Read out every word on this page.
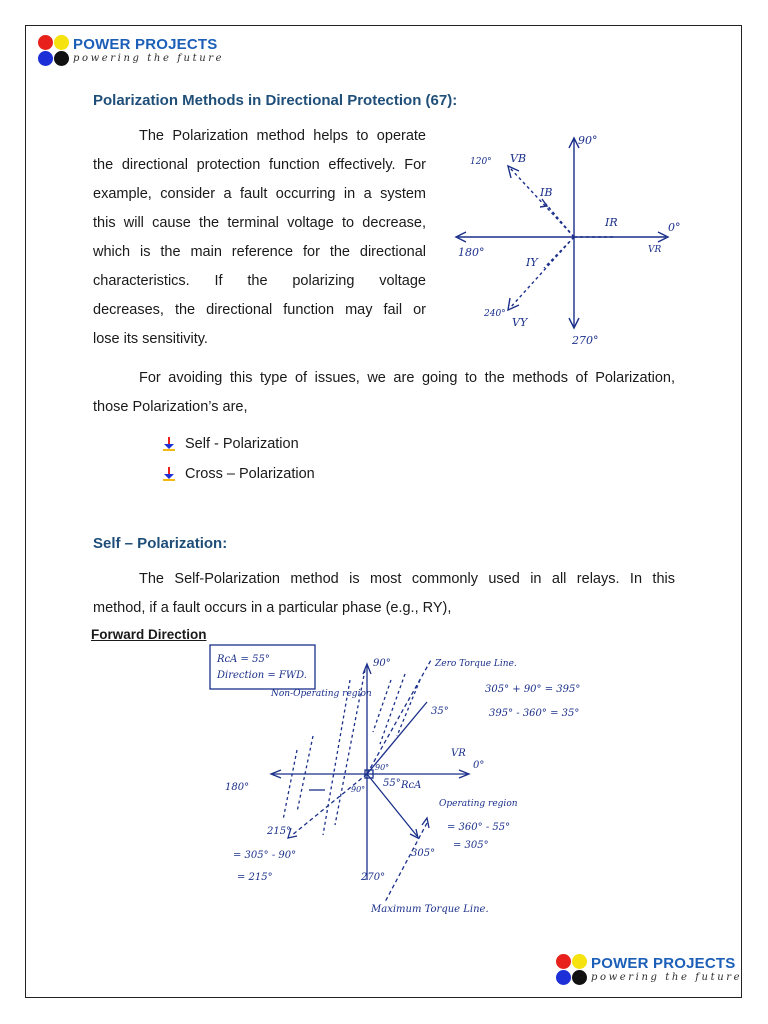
POWER PROJECTS
powering the future
Polarization Methods in Directional Protection (67):
The Polarization method helps to operate
the directional protection function effectively. For
example, consider a fault occurring in a system
this will cause the terminal voltage to decrease,
which is the main reference for the directional
characteristics. If the polarizing voltage
decreases, the directional function may fail or
lose its sensitivity.
90°
0°
180°
270°
120°
240°
VB
IB
IR
VR
IY
VY
For avoiding this type of issues, we are going to the methods of Polarization,
those Polarization’s are,
Self - Polarization
Cross – Polarization
Self – Polarization:
The Self-Polarization method is most commonly used in all relays. In this
method, if a fault occurs in a particular phase (e.g., RY),
Forward Direction
RcA = 55°
Direction = FWD.
Non-Operating region
Zero Torque Line.
305° + 90° = 395°
395° - 360° = 35°
90°
0°
180°
270°
35°
VR
RcA
55°
90°
90°
Operating region
= 360° - 55°
= 305°
305°
215°
= 305° - 90°
= 215°
Maximum Torque Line.
POWER PROJECTS
powering the future
